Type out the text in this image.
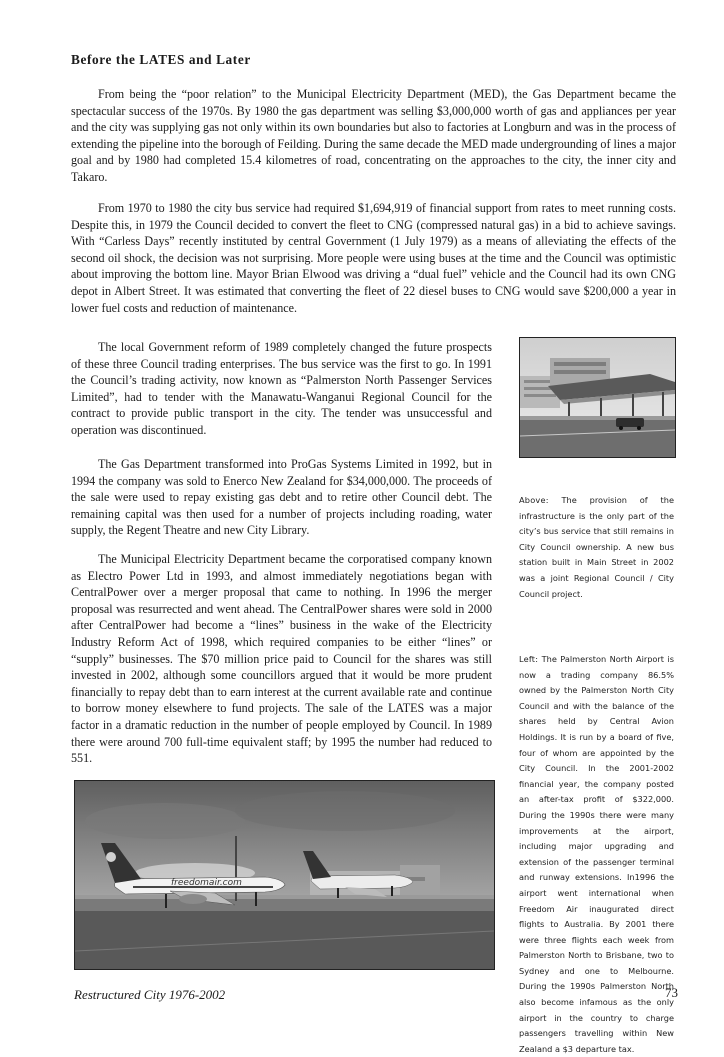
Before the LATES and Later

From being the “poor relation” to the Municipal Electricity Department (MED), the Gas Department became the spectacular success of the 1970s. By 1980 the gas department was selling $3,000,000 worth of gas and appliances per year and the city was supplying gas not only within its own boundaries but also to factories at Longburn and was in the process of extending the pipeline into the borough of Feilding. During the same decade the MED made undergrounding of lines a major goal and by 1980 had completed 15.4 kilometres of road, concentrating on the approaches to the city, the inner city and Takaro.

From 1970 to 1980 the city bus service had required $1,694,919 of financial support from rates to meet running costs. Despite this, in 1979 the Council decided to convert the fleet to CNG (compressed natural gas) in a bid to achieve savings. With “Carless Days” recently instituted by central Government (1 July 1979) as a means of alleviating the effects of the second oil shock, the decision was not surprising. More people were using buses at the time and the Council was optimistic about improving the bottom line. Mayor Brian Elwood was driving a “dual fuel” vehicle and the Council had its own CNG depot in Albert Street. It was estimated that converting the fleet of 22 diesel buses to CNG would save $200,000 a year in lower fuel costs and reduction of maintenance.

The local Government reform of 1989 completely changed the future prospects of these three Council trading enterprises. The bus service was the first to go. In 1991 the Council’s trading activity, now known as “Palmerston North Passenger Services Limited”, had to tender with the Manawatu-Wanganui Regional Council for the contract to provide public transport in the city. The tender was unsuccessful and operation was discontinued.

The Gas Department transformed into ProGas Systems Limited in 1992, but in 1994 the company was sold to Enerco New Zealand for $34,000,000. The proceeds of the sale were used to repay existing gas debt and to retire other Council debt. The remaining capital was then used for a number of projects including roading, water supply, the Regent Theatre and new City Library.

The Municipal Electricity Department became the corporatised company known as Electro Power Ltd in 1993, and almost immediately negotiations began with CentralPower over a merger proposal that came to nothing. In 1996 the merger proposal was resurrected and went ahead. The CentralPower shares were sold in 2000 after CentralPower had become a “lines” business in the wake of the Electricity Industry Reform Act of 1998, which required companies to be either “lines” or “supply” businesses. The $70 million price paid to Council for the shares was still invested in 2002, although some councillors argued that it would be more prudent financially to repay debt than to earn interest at the current available rate and continue to borrow money elsewhere to fund projects. The sale of the LATES was a major factor in a dramatic reduction in the number of people employed by Council. In 1989 there were around 700 full-time equivalent staff; by 1995 the number had reduced to 551.

Above: The provision of the infrastructure is the only part of the city’s bus service that still remains in City Council ownership. A new bus station built in Main Street in 2002 was a joint Regional Council / City Council project.

Left: The Palmerston North Airport is now a trading company 86.5% owned by the Palmerston North City Council and with the balance of the shares held by Central Avion Holdings. It is run by a board of five, four of whom are appointed by the City Council. In the 2001-2002 financial year, the company posted an after-tax profit of $322,000. During the 1990s there were many improvements at the airport, including major upgrading and extension of the passenger terminal and runway extensions. In1996 the airport went international when Freedom Air inaugurated direct flights to Australia. By 2001 there were three flights each week from Palmerston North to Brisbane, two to Sydney and one to Melbourne. During the 1990s Palmerston North also become infamous as the only airport in the country to charge passengers travelling within New Zealand a $3 departure tax.

freedomair.com

Restructured City 1976-2002	73
